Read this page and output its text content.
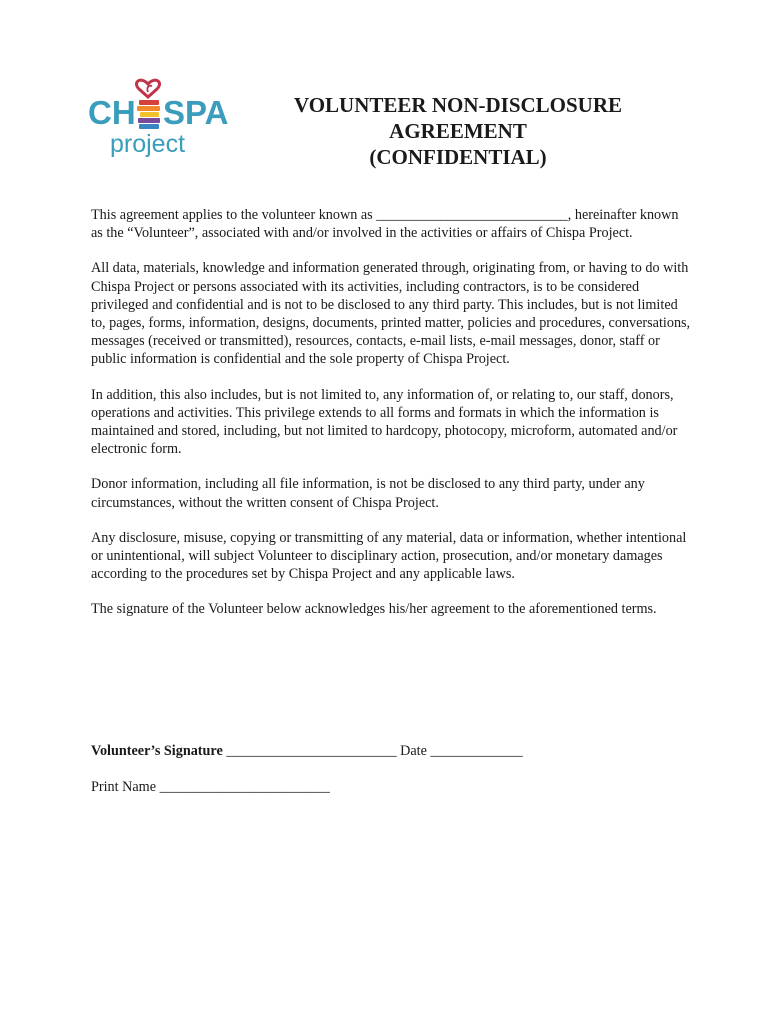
CH SPA
project
VOLUNTEER NON-DISCLOSURE
AGREEMENT
(CONFIDENTIAL)

This agreement applies to the volunteer known as ___________________________, hereinafter known as the “Volunteer”, associated with and/or involved in the activities or affairs of Chispa Project.

All data, materials, knowledge and information generated through, originating from, or having to do with Chispa Project or persons associated with its activities, including contractors, is to be considered privileged and confidential and is not to be disclosed to any third party. This includes, but is not limited to, pages, forms, information, designs, documents, printed matter, policies and procedures, conversations, messages (received or transmitted), resources, contacts, e-mail lists, e-mail messages, donor, staff or public information is confidential and the sole property of Chispa Project.

In addition, this also includes, but is not limited to, any information of, or relating to, our staff, donors, operations and activities. This privilege extends to all forms and formats in which the information is maintained and stored, including, but not limited to hardcopy, photocopy, microform, automated and/or electronic form.

Donor information, including all file information, is not be disclosed to any third party, under any circumstances, without the written consent of Chispa Project.

Any disclosure, misuse, copying or transmitting of any material, data or information, whether intentional or unintentional, will subject Volunteer to disciplinary action, prosecution, and/or monetary damages according to the procedures set by Chispa Project and any applicable laws.

The signature of the Volunteer below acknowledges his/her agreement to the aforementioned terms.

Volunteer’s Signature ________________________ Date _____________
Print Name ________________________
